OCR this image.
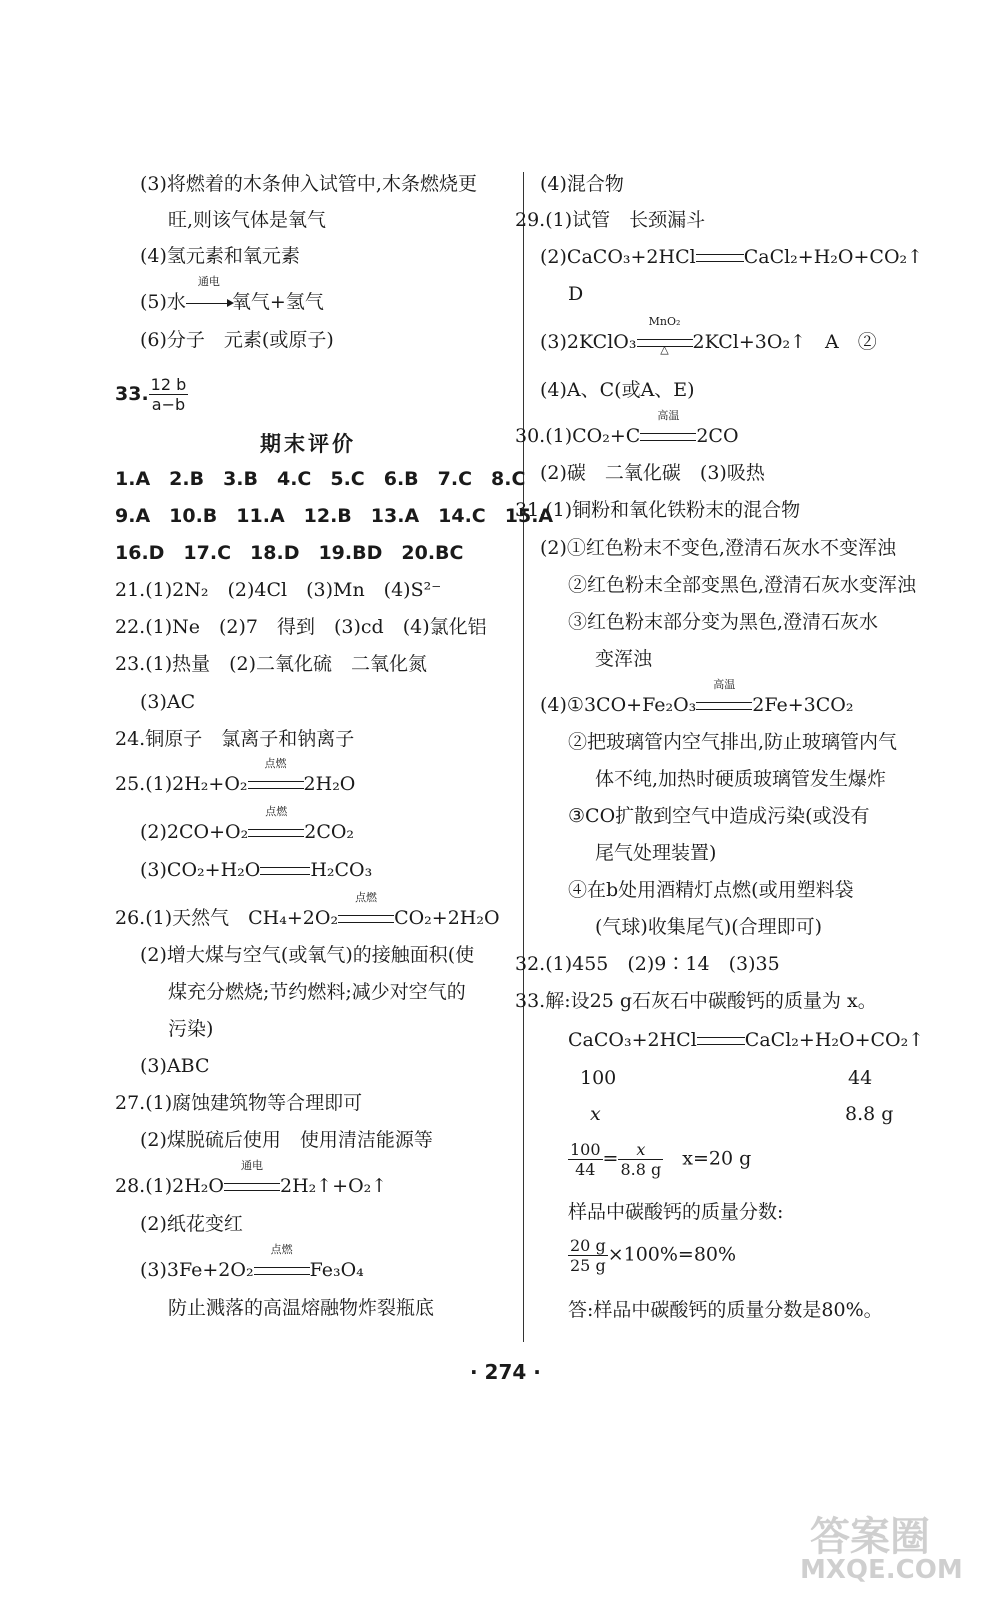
(3)将燃着的木条伸入试管中,木条燃烧更
旺,则该气体是氧气
(4)氢元素和氧元素
(5)水
通电
氧气+氢气
(6)分子　元素(或原子)
33. $\frac{12 b}{a-b}$
期末评价
1.A　2.B　3.B　4.C　5.C　6.B　7.C　8.C
9.A　10.B　11.A　12.B　13.A　14.C　15.A
16.D　17.C　18.D　19.BD　20.BC
21.(1)2N₂　(2)4Cl　(3)Mn　(4)S²⁻
22.(1)Ne　(2)7　得到　(3)cd　(4)氯化铝
23.(1)热量　(2)二氧化硫　二氧化氮
(3)AC
24.铜原子　氯离子和钠离子
25.(1)2H₂+O₂
点燃
2H₂O
(2)2CO+O₂
点燃
2CO₂
(3)CO₂+H₂O	H₂CO₃
26.(1)天然气　CH₄+2O₂
点燃
CO₂+2H₂O
(2)增大煤与空气(或氧气)的接触面积(使
煤充分燃烧;节约燃料;减少对空气的
污染)
(3)ABC
27.(1)腐蚀建筑物等合理即可
(2)煤脱硫后使用　使用清洁能源等
28.(1)2H₂O
通电
2H₂↑+O₂↑
(2)纸花变红
(3)3Fe+2O₂
点燃
Fe₃O₄
防止溅落的高温熔融物炸裂瓶底
(4)混合物
29.(1)试管　长颈漏斗
(2)CaCO₃+2HCl	CaCl₂+H₂O+CO₂↑
D
(3)2KClO₃
MnO₂
△	2KCl+3O₂↑　A　②
(4)A、C(或A、E)
30.(1)CO₂+C
高温
2CO
(2)碳　二氧化碳　(3)吸热
31.(1)铜粉和氧化铁粉末的混合物
(2)①红色粉末不变色,澄清石灰水不变浑浊
②红色粉末全部变黑色,澄清石灰水变浑浊
③红色粉末部分变为黑色,澄清石灰水
变浑浊
(4)①3CO+Fe₂O₃
高温
2Fe+3CO₂
②把玻璃管内空气排出,防止玻璃管内气
体不纯,加热时硬质玻璃管发生爆炸
③CO扩散到空气中造成污染(或没有
尾气处理装置)
④在b处用酒精灯点燃(或用塑料袋
(气球)收集尾气)(合理即可)
32.(1)455　(2)9∶14　(3)35
33.解:设25 g石灰石中碳酸钙的质量为 x。
CaCO₃+2HCl	CaCl₂+H₂O+CO₂↑
100	44
x	8.8 g
$\frac{100}{44} = \frac{x}{8.8 g}$
　 x=20 g
样品中碳酸钙的质量分数:
$\frac{20 g}{25 g} \times 100\%=80\%$
答:样品中碳酸钙的质量分数是80%。
· 274 ·
答案圈
MXQE.COM
